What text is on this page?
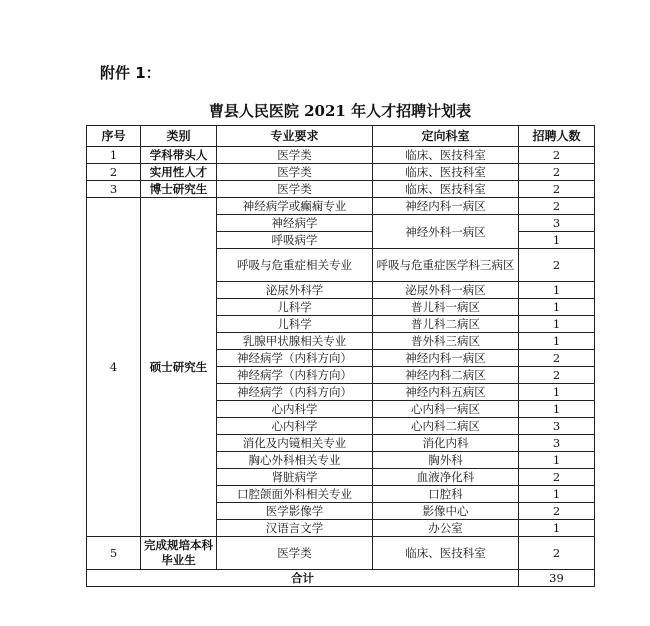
附件 1：
曹县人民医院 2021 年人才招聘计划表
序号	类别	专业要求	定向科室	招聘人数
1	学科带头人	医学类	临床、医技科室	2
2	实用性人才	医学类	临床、医技科室	2
3	博士研究生	医学类	临床、医技科室	2
4	硕士研究生	神经病学或癫痫专业	神经内科一病区	2
		神经病学	神经外科一病区	3
		呼吸病学		1
		呼吸与危重症相关专业	呼吸与危重症医学科三病区	2
		泌尿外科学	泌尿外科一病区	1
		儿科学	普儿科一病区	1
		儿科学	普儿科二病区	1
		乳腺甲状腺相关专业	普外科三病区	1
		神经病学（内科方向）	神经内科一病区	2
		神经病学（内科方向）	神经内科二病区	2
		神经病学（内科方向）	神经内科五病区	1
		心内科学	心内科一病区	1
		心内科学	心内科二病区	3
		消化及内镜相关专业	消化内科	3
		胸心外科相关专业	胸外科	1
		肾脏病学	血液净化科	2
		口腔颌面外科相关专业	口腔科	1
		医学影像学	影像中心	2
		汉语言文学	办公室	1
5	完成规培本科毕业生	医学类	临床、医技科室	2
合计				39
